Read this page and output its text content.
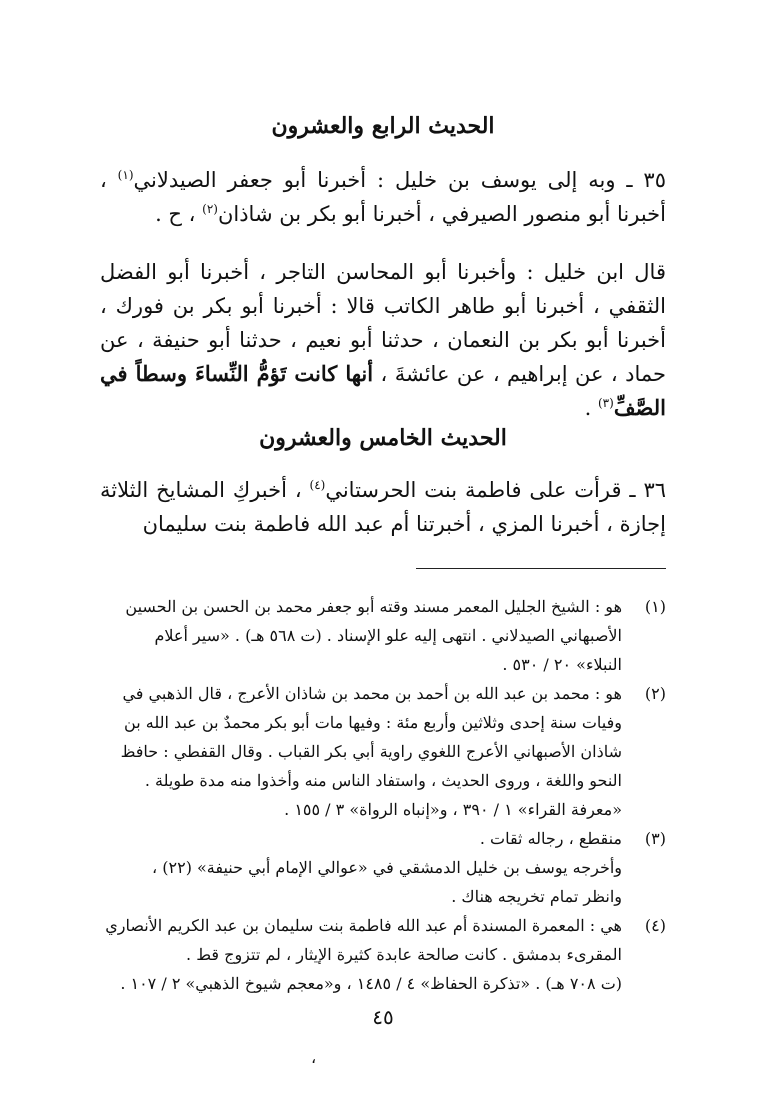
الحديث الرابع والعشرون

٣٥ ـ وبه إلى يوسف بن خليل : أخبرنا أبو جعفر الصيدلاني$^{(١)}$ ، أخبرنا أبو منصور الصيرفي ، أخبرنا أبو بكر بن شاذان$^{(٢)}$ ، ح .

قال ابن خليل : وأخبرنا أبو المحاسن التاجر ، أخبرنا أبو الفضل الثقفي ، أخبرنا أبو طاهر الكاتب قالا : أخبرنا أبو بكر بن فورك ، أخبرنا أبو بكر بن النعمان ، حدثنا أبو نعيم ، حدثنا أبو حنيفة ، عن حماد ، عن إبراهيم ، عن عائشةَ ، أنها كانت تَؤمُّ النِّساءَ وسطاً في الصَّفِّ$^{(٣)}$ .

الحديث الخامس والعشرون

٣٦ ـ قرأت على فاطمة بنت الحرستاني$^{(٤)}$ ، أخبركِ المشايخ الثلاثة إجازة ، أخبرنا المزي ، أخبرتنا أم عبد الله فاطمة بنت سليمان

(١)
هو : الشيخ الجليل المعمر مسند وقته أبو جعفر محمد بن الحسن بن الحسين
الأصبهاني الصيدلاني . انتهى إليه علو الإسناد . (ت ٥٦٨ هـ) . «سير أعلام
النبلاء» ٢٠ / ٥٣٠ .
(٢)
هو : محمد بن عبد الله بن أحمد بن محمد بن شاذان الأعرج ، قال الذهبي في
وفيات سنة إحدى وثلاثين وأربع مئة : وفيها مات أبو بكر محمدٌ بن عبد الله بن
شاذان الأصبهاني الأعرج اللغوي راوية أبي بكر القباب . وقال القفطي : حافظ
النحو واللغة ، وروى الحديث ، واستفاد الناس منه وأخذوا منه مدة طويلة .
«معرفة القراء» ١ / ٣٩٠ ، و«إنباه الرواة» ٣ / ١٥٥ .
(٣)
منقطع ، رجاله ثقات .
وأخرجه يوسف بن خليل الدمشقي في «عوالي الإمام أبي حنيفة» (٢٢) ،
وانظر تمام تخريجه هناك .
(٤)
هي : المعمرة المسندة أم عبد الله فاطمة بنت سليمان بن عبد الكريم الأنصاري
المقرىء بدمشق . كانت صالحة عابدة كثيرة الإيثار ، لم تتزوج قط .
(ت ٧٠٨ هـ) . «تذكرة الحفاظ» ٤ / ١٤٨٥ ، و«معجم شيوخ الذهبي» ٢ / ١٠٧ .
٤٥
،
